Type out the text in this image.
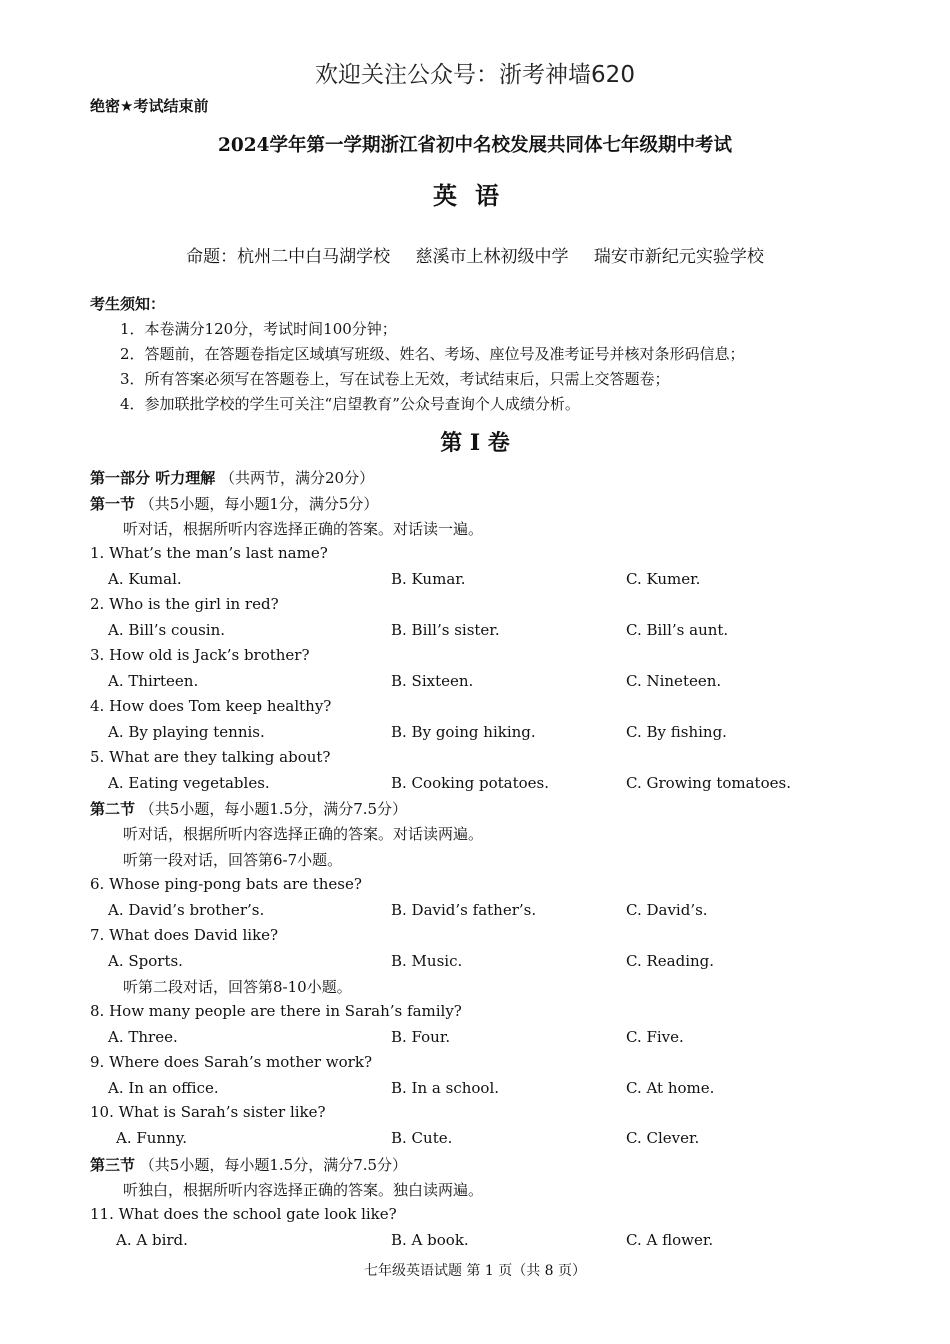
欢迎关注公众号：浙考神墙620
绝密★考试结束前
2024学年第一学期浙江省初中名校发展共同体七年级期中考试
英语
命题：杭州二中白马湖学校 慈溪市上林初级中学 瑞安市新纪元实验学校
考生须知：
1．本卷满分120分，考试时间100分钟；
2．答题前，在答题卷指定区域填写班级、姓名、考场、座位号及准考证号并核对条形码信息；
3．所有答案必须写在答题卷上，写在试卷上无效，考试结束后，只需上交答题卷；
4．参加联批学校的学生可关注“启望教育”公众号查询个人成绩分析。
第 I 卷
第一部分 听力理解 （共两节，满分20分）
第一节 （共5小题，每小题1分，满分5分）
听对话，根据所听内容选择正确的答案。对话读一遍。
1. What’s the man’s last name?
A. Kumal.	B. Kumar.	C. Kumer.
2. Who is the girl in red?
A. Bill’s cousin.	B. Bill’s sister.	C. Bill’s aunt.
3. How old is Jack’s brother?
A. Thirteen.	B. Sixteen.	C. Nineteen.
4. How does Tom keep healthy?
A. By playing tennis.	B. By going hiking.	C. By fishing.
5. What are they talking about?
A. Eating vegetables.	B. Cooking potatoes.	C. Growing tomatoes.
第二节 （共5小题，每小题1.5分，满分7.5分）
听对话，根据所听内容选择正确的答案。对话读两遍。
听第一段对话，回答第6-7小题。
6. Whose ping-pong bats are these?
A. David’s brother’s.	B. David’s father’s.	C. David’s.
7. What does David like?
A. Sports.	B. Music.	C. Reading.
听第二段对话，回答第8-10小题。
8. How many people are there in Sarah’s family?
A. Three.	B. Four.	C. Five.
9. Where does Sarah’s mother work?
A. In an office.	B. In a school.	C. At home.
10. What is Sarah’s sister like?
A. Funny.	B. Cute.	C. Clever.
第三节 （共5小题，每小题1.5分，满分7.5分）
听独白，根据所听内容选择正确的答案。独白读两遍。
11. What does the school gate look like?
A. A bird.	B. A book.	C. A flower.
七年级英语试题 第 1 页（共 8 页）
